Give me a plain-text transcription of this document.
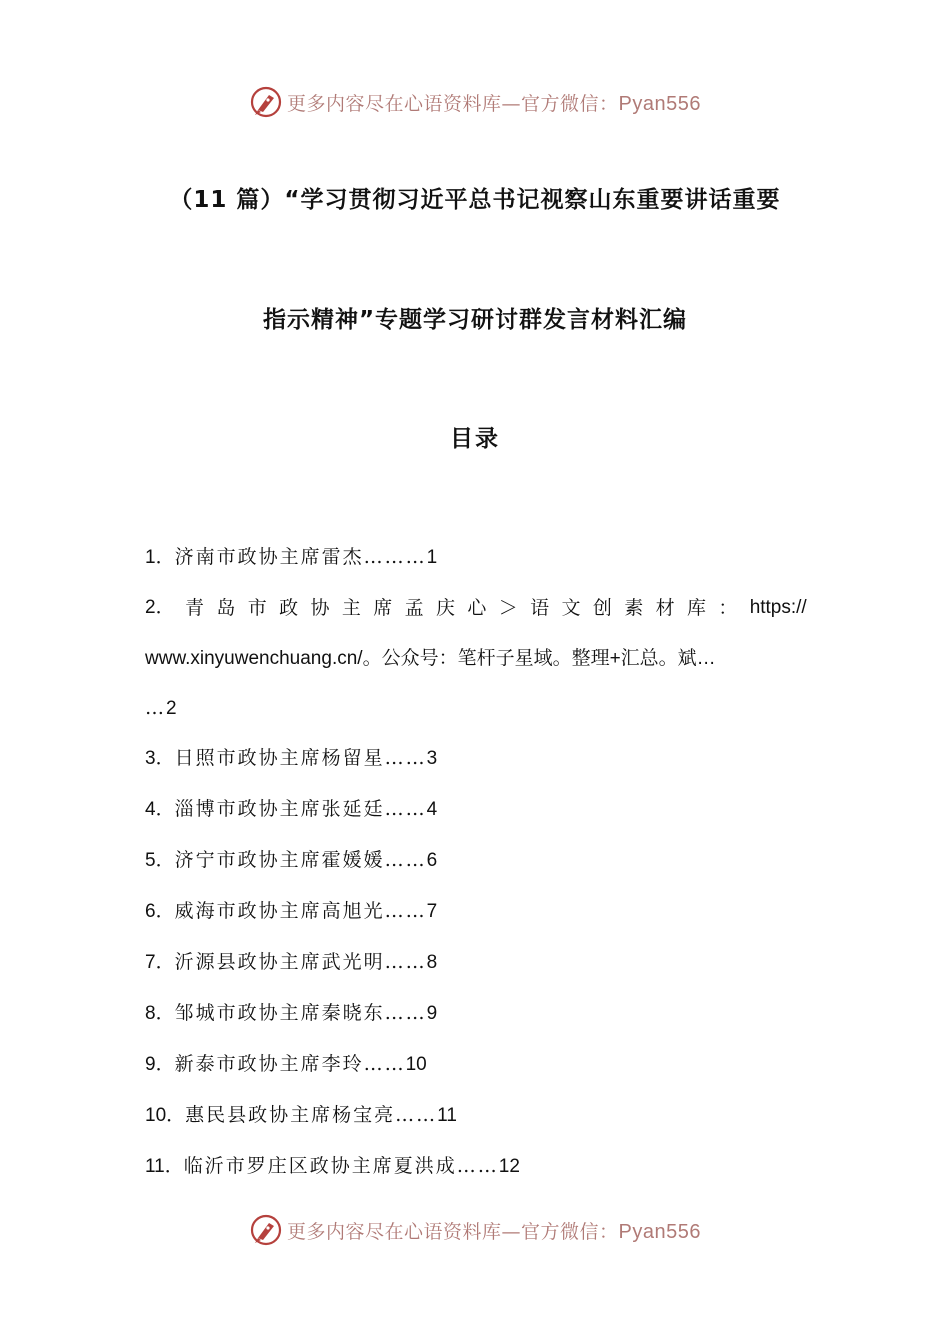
更多内容尽在心语资料库—官方微信：Pyan556
（11 篇）“学习贯彻习近平总书记视察山东重要讲话重要
指示精神”专题学习研讨群发言材料汇编
目录
1．济南市政协主席雷杰………1
2． 青 岛 市 政 协 主 席 孟 庆 心 ＞ 语 文 创 素 材 库 ： https://
www.xinyuwenchuang.cn/。公众号：笔杆子星域。整理+汇总。斌…
…2
3．日照市政协主席杨留星……3
4．淄博市政协主席张延廷……4
5．济宁市政协主席霍媛媛……6
6．威海市政协主席高旭光……7
7．沂源县政协主席武光明……8
8．邹城市政协主席秦晓东……9
9．新泰市政协主席李玲……10
10．惠民县政协主席杨宝亮……11
11．临沂市罗庄区政协主席夏洪成……12
更多内容尽在心语资料库—官方微信：Pyan556
